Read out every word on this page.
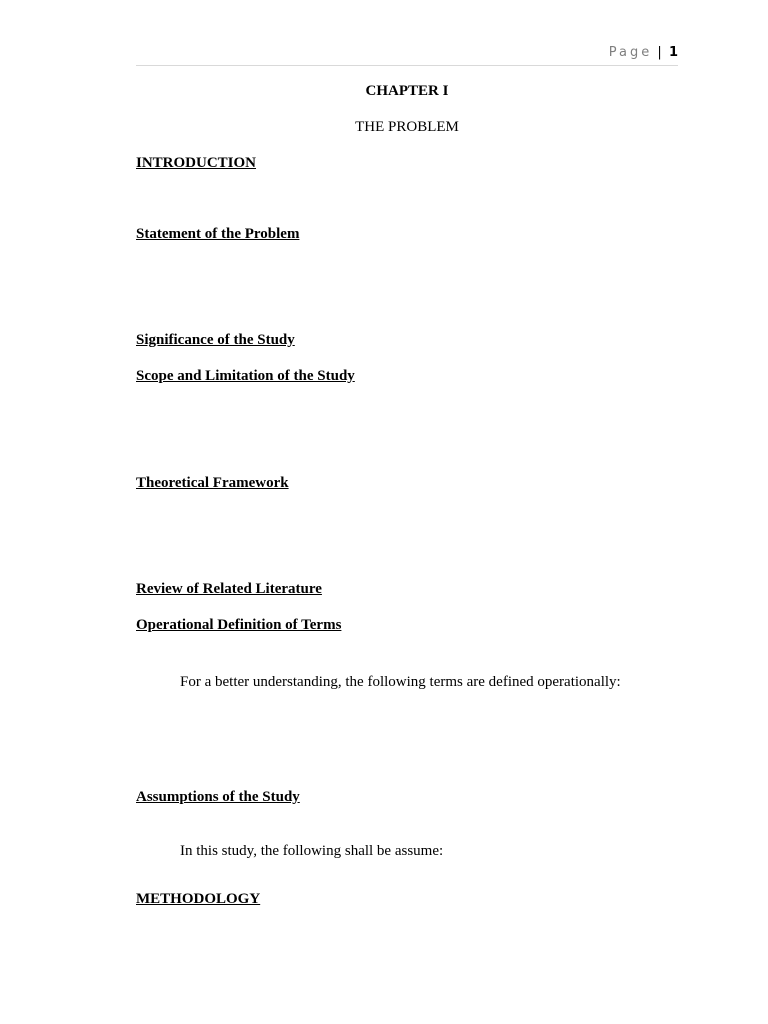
Page | 1
CHAPTER I
THE PROBLEM
INTRODUCTION
Statement of the Problem
Significance of the Study
Scope and Limitation of the Study
Theoretical Framework
Review of Related Literature
Operational Definition of Terms
For a better understanding, the following terms are defined operationally:
Assumptions of the Study
In this study, the following shall be assume:
METHODOLOGY
